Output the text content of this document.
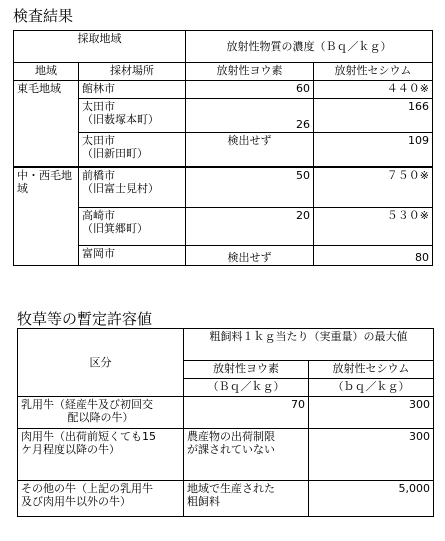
検査結果
採取地域		放射性物質の濃度（Ｂｑ／ｋｇ）	
地域	採材場所	放射性ヨウ素	放射性セシウム
東毛地域	館林市	60	４４０※

	太田市
（旧薮塚本町）	26	166

	太田市
（旧新田町）	検出せず	109
中・西毛地域	前橋市
（旧富士見村）	50	７５０※

	高崎市
（旧箕郷町）	20	５３０※
	富岡市	検出せず	80
牧草等の暫定許容値
区分	粗飼料１ｋｇ当たり（実重量）の最大値	
	放射性ヨウ素	放射性セシウム
	（Ｂｑ／ｋｇ）	（ｂｑ／ｋｇ）

乳用牛（経産牛及び初回交
配以降の牛）	70	300

肉用牛（出荷前短くても15
ケ月程度以降の牛）	農産物の出荷制限
が課されていない	300

その他の牛（上記の乳用牛
及び肉用牛以外の牛）	地域で生産された
粗飼料	5,000
